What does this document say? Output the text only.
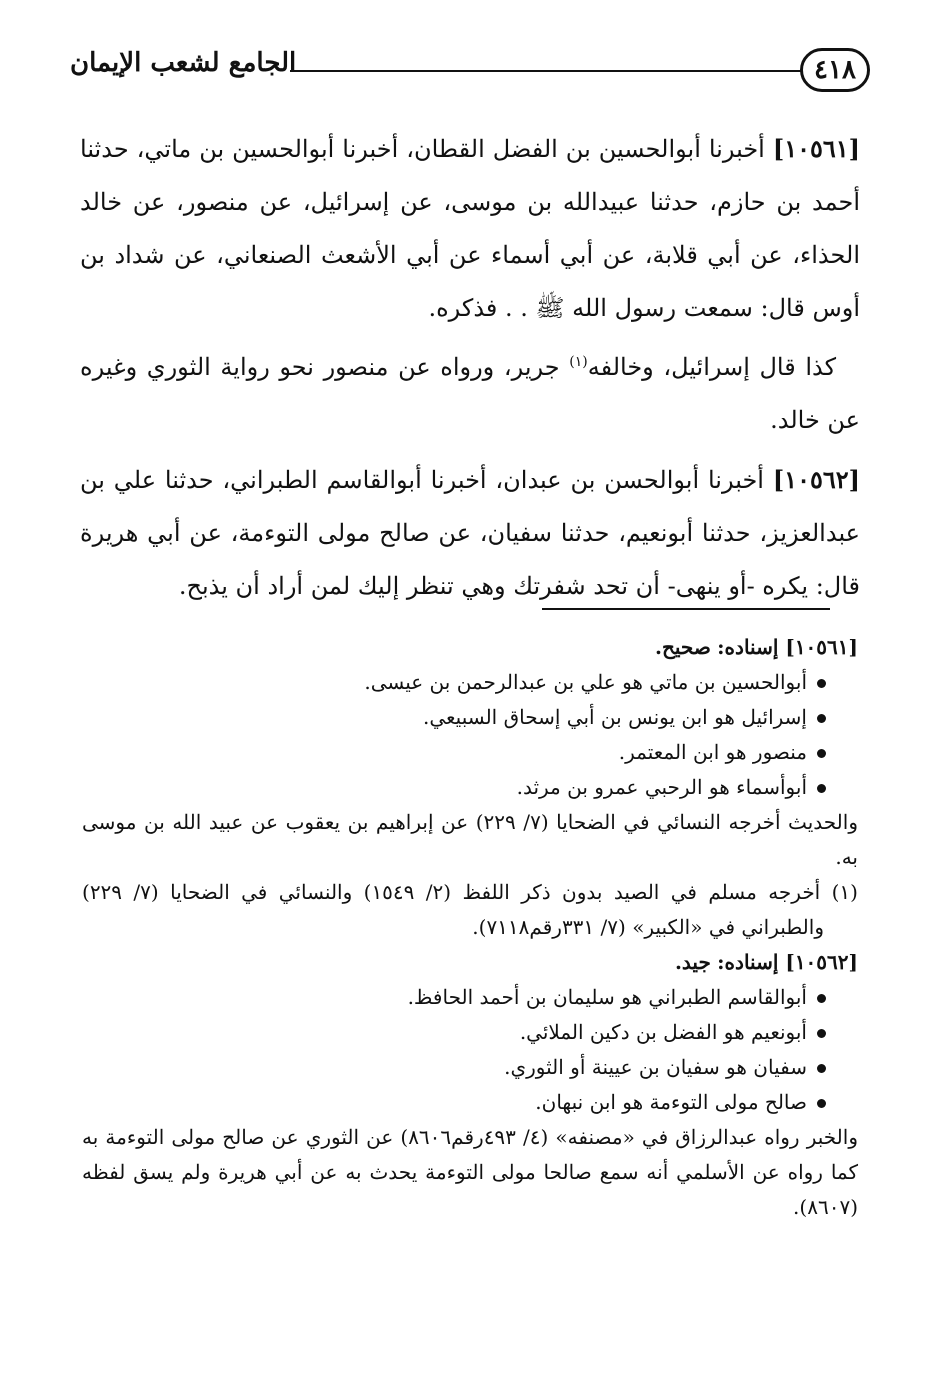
٤١٨
الجامع لشعب الإيمان

[١٠٥٦١] أخبرنا أبوالحسين بن الفضل القطان، أخبرنا أبوالحسين بن ماتي، حدثنا أحمد بن حازم، حدثنا عبيدالله بن موسى، عن إسرائيل، عن منصور، عن خالد الحذاء، عن أبي قلابة، عن أبي أسماء عن أبي الأشعث الصنعاني، عن شداد بن أوس قال: سمعت رسول الله ﷺ . . فذكره.

كذا قال إسرائيل، وخالفه$^{(١)}$ جرير، ورواه عن منصور نحو رواية الثوري وغيره عن خالد.

[١٠٥٦٢] أخبرنا أبوالحسن بن عبدان، أخبرنا أبوالقاسم الطبراني، حدثنا علي بن عبدالعزيز، حدثنا أبونعيم، حدثنا سفيان، عن صالح مولى التوءمة، عن أبي هريرة قال: يكره -أو ينهى- أن تحد شفرتك وهي تنظر إليك لمن أراد أن يذبح.

[١٠٥٦١] إسناده: صحيح.

أبوالحسين بن ماتي هو علي بن عبدالرحمن بن عيسى.
إسرائيل هو ابن يونس بن أبي إسحاق السبيعي.
منصور هو ابن المعتمر.
أبوأسماء هو الرحبي عمرو بن مرثد.

والحديث أخرجه النسائي في الضحايا (٧/ ٢٢٩) عن إبراهيم بن يعقوب عن عبيد الله بن موسى به.

(١) أخرجه مسلم في الصيد بدون ذكر اللفظ (٢/ ١٥٤٩) والنسائي في الضحايا (٧/ ٢٢٩) والطبراني في «الكبير» (٧/ ٣٣١رقم٧١١٨).

[١٠٥٦٢] إسناده: جيد.

أبوالقاسم الطبراني هو سليمان بن أحمد الحافظ.
أبونعيم هو الفضل بن دكين الملائي.
سفيان هو سفيان بن عيينة أو الثوري.
صالح مولى التوءمة هو ابن نبهان.

والخبر رواه عبدالرزاق في «مصنفه» (٤/ ٤٩٣رقم٨٦٠٦) عن الثوري عن صالح مولى التوءمة به كما رواه عن الأسلمي أنه سمع صالحا مولى التوءمة يحدث به عن أبي هريرة ولم يسق لفظه (٨٦٠٧).
